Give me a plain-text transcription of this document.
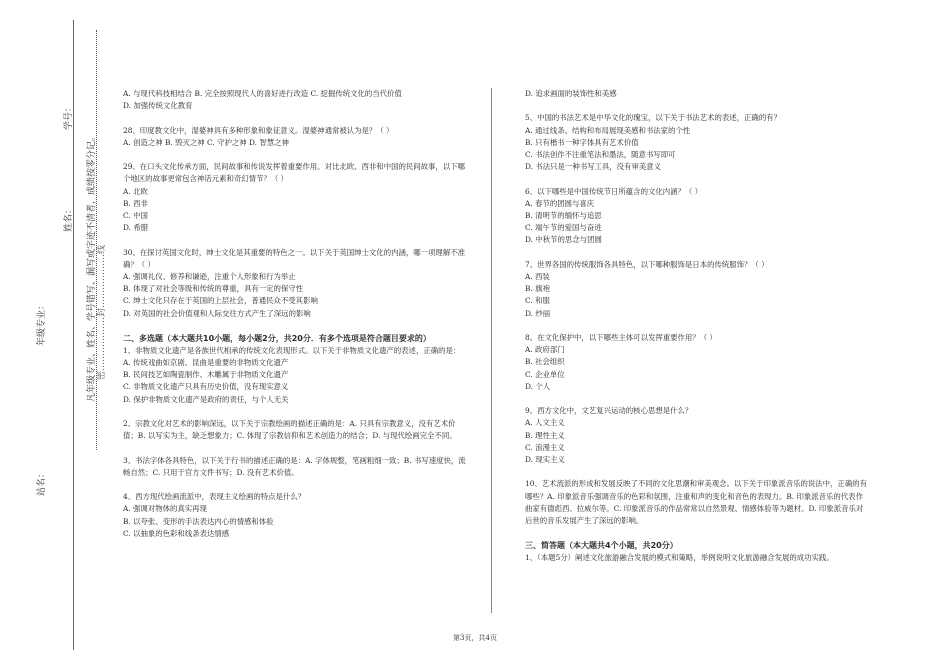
学号：
姓名：
年级专业：
站名：
凡年级专业、姓名、学号错写、漏写或字迹不清者，成绩按零分记。 密………………封………………线

A. 与现代科技相结合 B. 完全按照现代人的喜好进行改造 C. 挖掘传统文化的当代价值

D. 加强传统文化教育

28、印度教文化中，湿婆神具有多种形象和象征意义。湿婆神通常被认为是？（ ）

A. 创造之神 B. 毁灭之神 C. 守护之神 D. 智慧之神

29、在口头文化传承方面，民间故事和传说发挥着重要作用。对比北欧、西非和中国的民间故事，以下哪个地区的故事更常包含神话元素和奇幻情节？（ ）

A. 北欧

B. 西非

C. 中国

D. 希腊

30、在探讨英国文化时，绅士文化是其重要的特色之一。以下关于英国绅士文化的内涵，哪一项理解不准确？（ ）

A. 强调礼仪、修养和谦逊，注重个人形象和行为举止

B. 体现了对社会等级和传统的尊重，具有一定的保守性

C. 绅士文化只存在于英国的上层社会，普通民众不受其影响

D. 对英国的社会价值观和人际交往方式产生了深远的影响

二、多选题（本大题共10小题，每小题2分，共20分．有多个选项是符合题目要求的）

1、非物质文化遗产是各族世代相承的传统文化表现形式。以下关于非物质文化遗产的表述，正确的是：

A. 传统戏曲如京剧、昆曲是重要的非物质文化遗产

B. 民间技艺如陶瓷制作、木雕属于非物质文化遗产

C. 非物质文化遗产只具有历史价值，没有现实意义

D. 保护非物质文化遗产是政府的责任，与个人无关

2、宗教文化对艺术的影响深远，以下关于宗教绘画的描述正确的是：A. 只具有宗教意义，没有艺术价值；B. 以写实为主，缺乏想象力；C. 体现了宗教信仰和艺术创造力的结合；D. 与现代绘画完全不同。

3、书法字体各具特色，以下关于行书的描述正确的是：A. 字体规整，笔画粗细一致；B. 书写速度快，流畅自然；C. 只用于官方文件书写；D. 没有艺术价值。

4、西方现代绘画流派中，表现主义绘画的特点是什么？

A. 强调对物体的真实再现

B. 以夸张、变形的手法表达内心的情感和体验

C. 以抽象的色彩和线条表达情感

D. 追求画面的装饰性和美感

5、中国的书法艺术是中华文化的瑰宝，以下关于书法艺术的表述，正确的有？

A. 通过线条、结构和布局展现美感和书法家的个性

B. 只有楷书一种字体具有艺术价值

C. 书法创作不注重笔法和墨法，随意书写即可

D. 书法只是一种书写工具，没有审美意义

6、以下哪些是中国传统节日所蕴含的文化内涵？（ ）

A. 春节的团圆与喜庆

B. 清明节的缅怀与追思

C. 端午节的爱国与奋进

D. 中秋节的思念与团圆

7、世界各国的传统服饰各具特色，以下哪种服饰是日本的传统服饰？（ ）

A. 西装

B. 旗袍

C. 和服

D. 纱丽

8、在文化保护中，以下哪些主体可以发挥重要作用？（ ）

A. 政府部门

B. 社会组织

C. 企业单位

D. 个人

9、西方文化中，文艺复兴运动的核心思想是什么？

A. 人文主义

B. 理性主义

C. 浪漫主义

D. 现实主义

10、艺术流派的形成和发展反映了不同的文化思潮和审美观念。以下关于印象派音乐的说法中，正确的有哪些？A. 印象派音乐强调音乐的色彩和氛围，注重和声的变化和音色的表现力。B. 印象派音乐的代表作曲家有德彪西、拉威尔等。C. 印象派音乐的作品常常以自然景观、情感体验等为题材。D. 印象派音乐对后世的音乐发展产生了深远的影响。

三、简答题（本大题共4个小题，共20分）

1、（本题5分）阐述文化旅游融合发展的模式和策略，举例说明文化旅游融合发展的成功实践。

第3页，共4页
